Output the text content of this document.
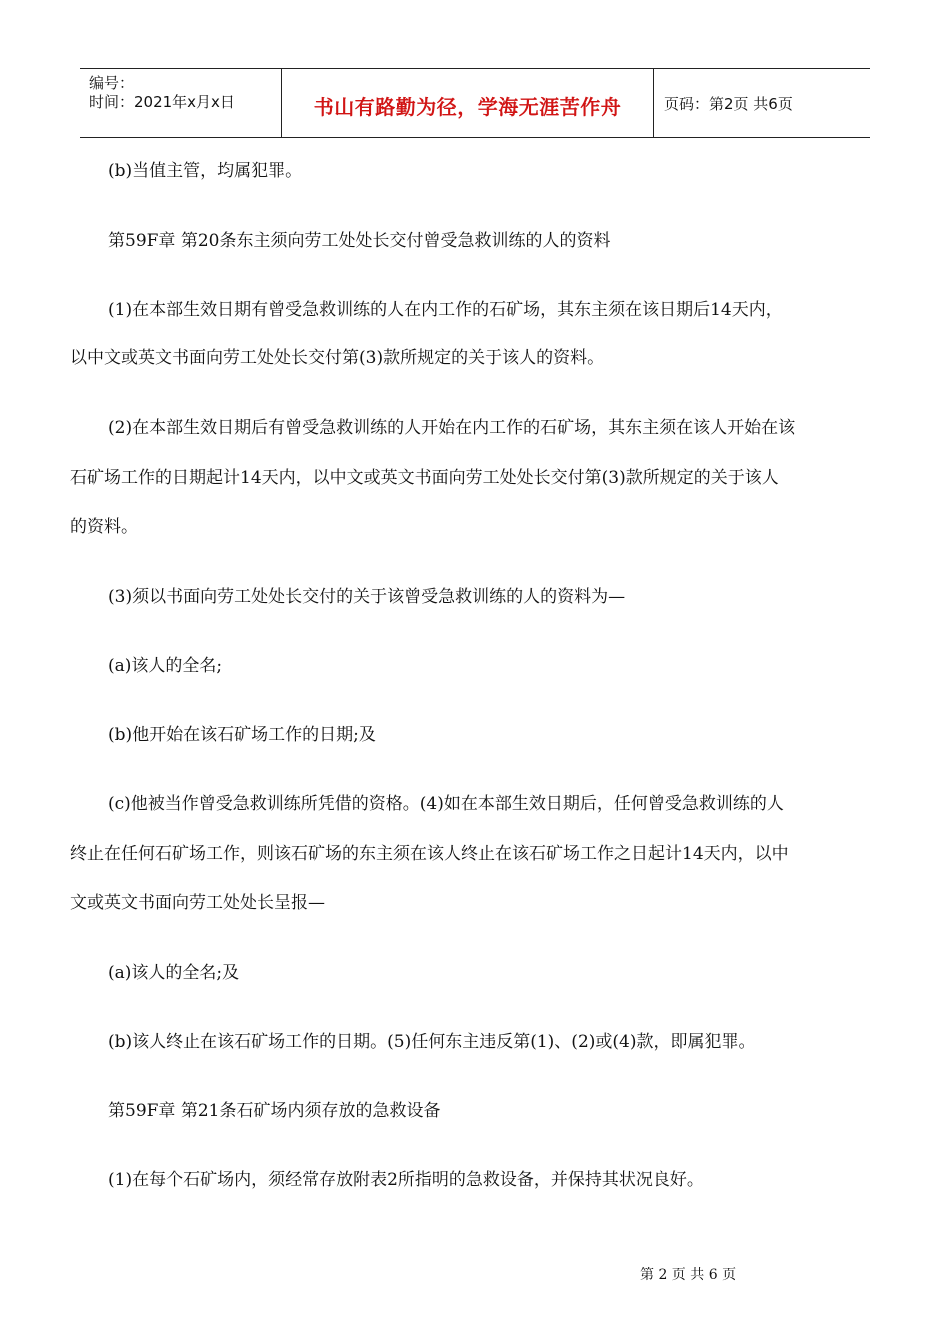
编号：
时间：2021年x月x日	书山有路勤为径，学海无涯苦作舟	页码：第2页 共6页
(b)当值主管，均属犯罪。
第59F章 第20条东主须向劳工处处长交付曾受急救训练的人的资料
(1)在本部生效日期有曾受急救训练的人在内工作的石矿场，其东主须在该日期后14天内，
以中文或英文书面向劳工处处长交付第(3)款所规定的关于该人的资料。
(2)在本部生效日期后有曾受急救训练的人开始在内工作的石矿场，其东主须在该人开始在该
石矿场工作的日期起计14天内，以中文或英文书面向劳工处处长交付第(3)款所规定的关于该人
的资料。
(3)须以书面向劳工处处长交付的关于该曾受急救训练的人的资料为—
(a)该人的全名;
(b)他开始在该石矿场工作的日期;及
(c)他被当作曾受急救训练所凭借的资格。(4)如在本部生效日期后，任何曾受急救训练的人
终止在任何石矿场工作，则该石矿场的东主须在该人终止在该石矿场工作之日起计14天内，以中
文或英文书面向劳工处处长呈报—
(a)该人的全名;及
(b)该人终止在该石矿场工作的日期。(5)任何东主违反第(1)、(2)或(4)款，即属犯罪。
第59F章 第21条石矿场内须存放的急救设备
(1)在每个石矿场内，须经常存放附表2所指明的急救设备，并保持其状况良好。
第 2 页 共 6 页
